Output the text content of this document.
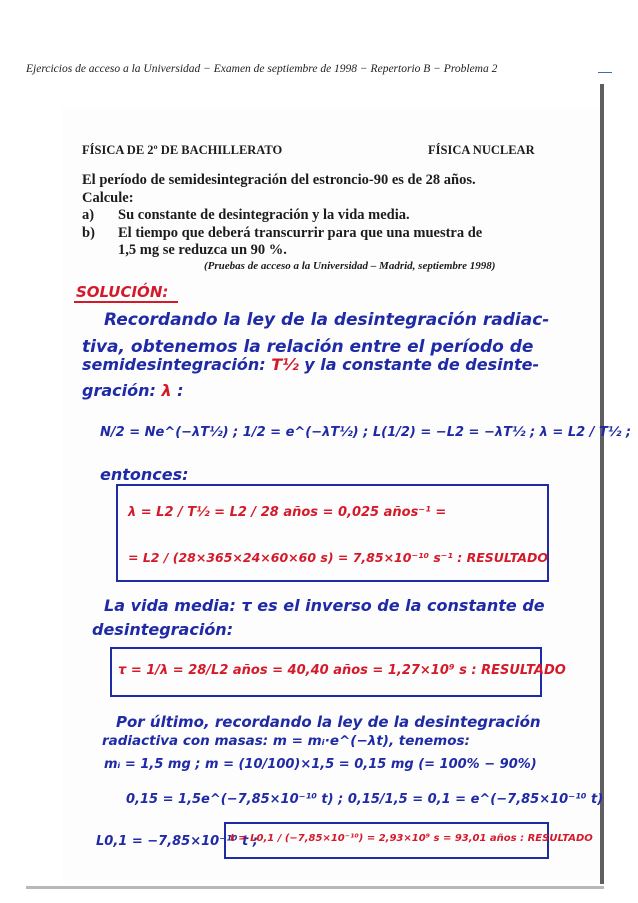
Ejercicios de acceso a la Universidad − Examen de septiembre de 1998 − Repertorio B − Problema 2
FÍSICA DE 2º DE BACHILLERATO	FÍSICA NUCLEAR
El período de semidesintegración del estroncio-90 es de 28 años.
Calcule:
a) Su constante de desintegración y la vida media.
b) El tiempo que deberá transcurrir para que una muestra de
1,5 mg se reduzca un 90 %.
(Pruebas de acceso a la Universidad – Madrid, septiembre 1998)
SOLUCIÓN:
Recordando la ley de la desintegración radiac-
tiva, obtenemos la relación entre el período de
semidesintegración: T½ y la constante de desinte-
gración: λ :
N/2 = Ne^(−λT½) ; 1/2 = e^(−λT½) ; L(1/2) = −L2 = −λT½ ; λ = L2 / T½ ;
entonces:
λ = L2 / T½ = L2 / 28 años = 0,025 años⁻¹ =
= L2 / (28×365×24×60×60 s) = 7,85×10⁻¹⁰ s⁻¹ : RESULTADO
La vida media: τ es el inverso de la constante de
desintegración:
τ = 1/λ = 28/L2 años = 40,40 años = 1,27×10⁹ s : RESULTADO
Por último, recordando la ley de la desintegración
radiactiva con masas: m = mᵢ·e^(−λt), tenemos:
mᵢ = 1,5 mg ; m = (10/100)×1,5 = 0,15 mg (= 100% − 90%)
0,15 = 1,5e^(−7,85×10⁻¹⁰ t) ; 0,15/1,5 = 0,1 = e^(−7,85×10⁻¹⁰ t)
L0,1 = −7,85×10⁻¹⁰ t ;
t = L0,1 / (−7,85×10⁻¹⁰) = 2,93×10⁹ s = 93,01 años : RESULTADO
